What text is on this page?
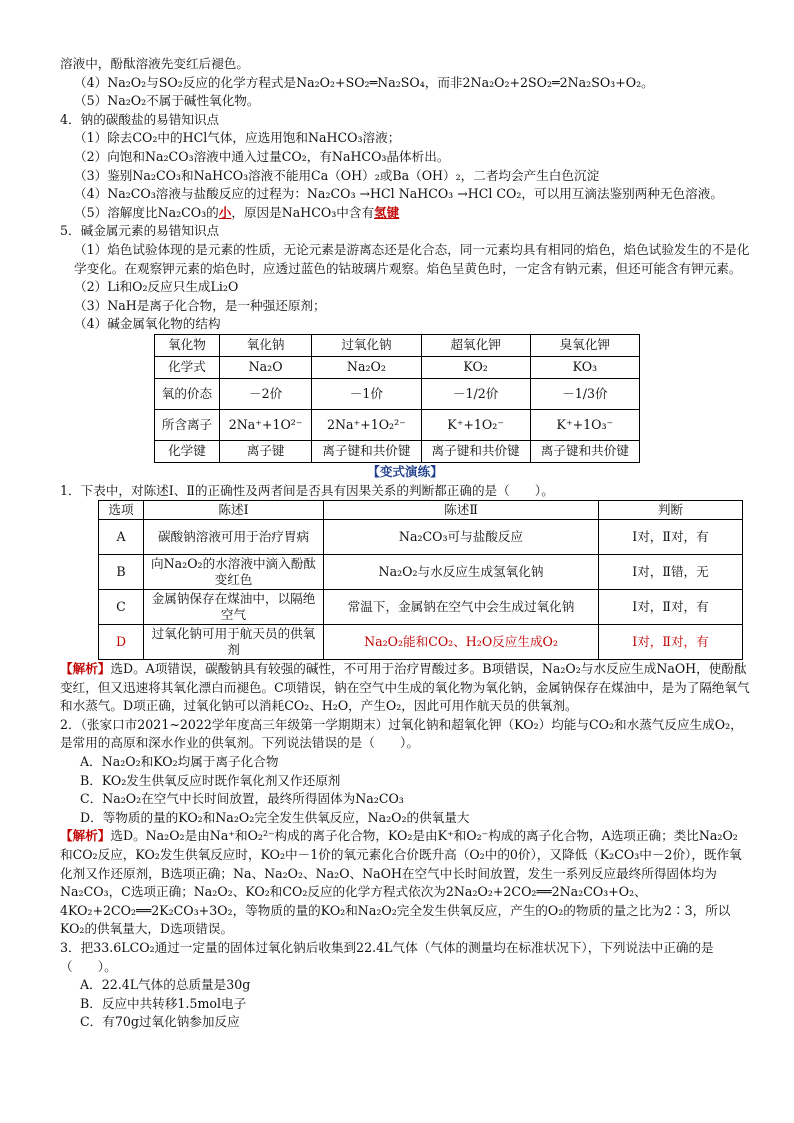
溶液中，酚酞溶液先变红后褪色。

（4）Na₂O₂与SO₂反应的化学方程式是Na₂O₂+SO₂═Na₂SO₄，而非2Na₂O₂+2SO₂═2Na₂SO₃+O₂。

（5）Na₂O₂不属于碱性氧化物。

4．钠的碳酸盐的易错知识点

（1）除去CO₂中的HCl气体，应选用饱和NaHCO₃溶液；

（2）向饱和Na₂CO₃溶液中通入过量CO₂，有NaHCO₃晶体析出。

（3）鉴别Na₂CO₃和NaHCO₃溶液不能用Ca（OH）₂或Ba（OH）₂，二者均会产生白色沉淀

（4）Na₂CO₃溶液与盐酸反应的过程为：Na₂CO₃ →HCl NaHCO₃ →HCl CO₂，可以用互滴法鉴别两种无色溶液。

（5）溶解度比Na₂CO₃的小，原因是NaHCO₃中含有氢键

5．碱金属元素的易错知识点

（1）焰色试验体现的是元素的性质，无论元素是游离态还是化合态，同一元素均具有相同的焰色，焰色试验发生的不是化学变化。在观察钾元素的焰色时，应透过蓝色的钴玻璃片观察。焰色呈黄色时，一定含有钠元素，但还可能含有钾元素。

（2）Li和O₂反应只生成Li₂O

（3）NaH是离子化合物，是一种强还原剂；

（4）碱金属氧化物的结构

氧化物	氧化钠	过氧化钠	超氧化钾	臭氧化钾
化学式	Na₂O	Na₂O₂	KO₂	KO₃
氧的价态	－2价	－1价	－1/2价	－1/3价
所含离子	2Na⁺+1O²⁻	2Na⁺+1O₂²⁻	K⁺+1O₂⁻	K⁺+1O₃⁻
化学键	离子键	离子键和共价键	离子键和共价键	离子键和共价键

【变式演练】

1．下表中，对陈述Ⅰ、Ⅱ的正确性及两者间是否具有因果关系的判断都正确的是（　　）。

选项	陈述Ⅰ	陈述Ⅱ	判断
A	碳酸钠溶液可用于治疗胃病	Na₂CO₃可与盐酸反应	Ⅰ对，Ⅱ对，有
B	向Na₂O₂的水溶液中滴入酚酞变红色	Na₂O₂与水反应生成氢氧化钠	Ⅰ对，Ⅱ错，无
C	金属钠保存在煤油中，以隔绝空气	常温下，金属钠在空气中会生成过氧化钠	Ⅰ对，Ⅱ对，有
D	过氧化钠可用于航天员的供氧剂	Na₂O₂能和CO₂、H₂O反应生成O₂	Ⅰ对，Ⅱ对，有

【解析】选D。A项错误，碳酸钠具有较强的碱性，不可用于治疗胃酸过多。B项错误，Na₂O₂与水反应生成NaOH，使酚酞变红，但又迅速将其氧化漂白而褪色。C项错误，钠在空气中生成的氧化物为氧化钠，金属钠保存在煤油中，是为了隔绝氧气和水蒸气。D项正确，过氧化钠可以消耗CO₂、H₂O，产生O₂，因此可用作航天员的供氧剂。

2．（张家口市2021~2022学年度高三年级第一学期期末）过氧化钠和超氧化钾（KO₂）均能与CO₂和水蒸气反应生成O₂，是常用的高原和深水作业的供氧剂。下列说法错误的是（　　）。

A．Na₂O₂和KO₂均属于离子化合物

B．KO₂发生供氧反应时既作氧化剂又作还原剂

C．Na₂O₂在空气中长时间放置，最终所得固体为Na₂CO₃

D．等物质的量的KO₂和Na₂O₂完全发生供氧反应，Na₂O₂的供氧量大

【解析】选D。Na₂O₂是由Na⁺和O₂²⁻构成的离子化合物，KO₂是由K⁺和O₂⁻构成的离子化合物，A选项正确；类比Na₂O₂和CO₂反应，KO₂发生供氧反应时，KO₂中－1价的氧元素化合价既升高（O₂中的0价），又降低（K₂CO₃中－2价），既作氧化剂又作还原剂，B选项正确；Na、Na₂O₂、Na₂O、NaOH在空气中长时间放置，发生一系列反应最终所得固体均为Na₂CO₃，C选项正确；Na₂O₂、KO₂和CO₂反应的化学方程式依次为2Na₂O₂+2CO₂══2Na₂CO₃+O₂、4KO₂+2CO₂══2K₂CO₃+3O₂，等物质的量的KO₂和Na₂O₂完全发生供氧反应，产生的O₂的物质的量之比为2∶3，所以KO₂的供氧量大，D选项错误。

3．把33.6LCO₂通过一定量的固体过氧化钠后收集到22.4L气体（气体的测量均在标准状况下），下列说法中正确的是（　　）。

A．22.4L气体的总质量是30g

B．反应中共转移1.5mol电子

C．有70g过氧化钠参加反应
